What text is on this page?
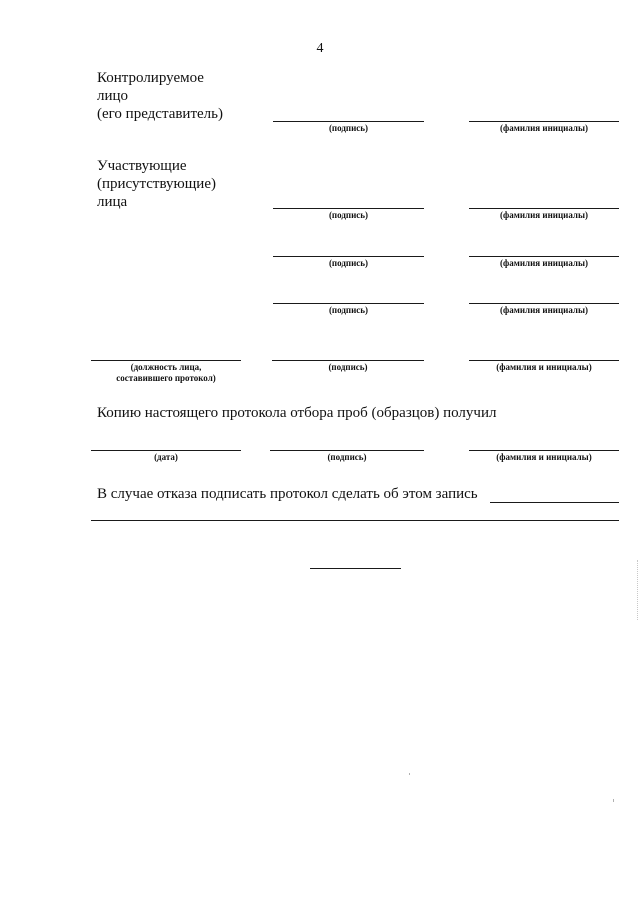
4
Контролируемое
лицо
(его представитель)
(подпись)	(фамилия инициалы)
Участвующие
(присутствующие)
лица
(подпись)	(фамилия инициалы)
(подпись)	(фамилия инициалы)
(подпись)	(фамилия инициалы)
(должность лица,
составившего протокол)
(подпись)	(фамилия и инициалы)
Копию настоящего протокола отбора проб (образцов) получил
(дата)	(подпись)	(фамилия и инициалы)
В случае отказа подписать протокол сделать об этом запись
